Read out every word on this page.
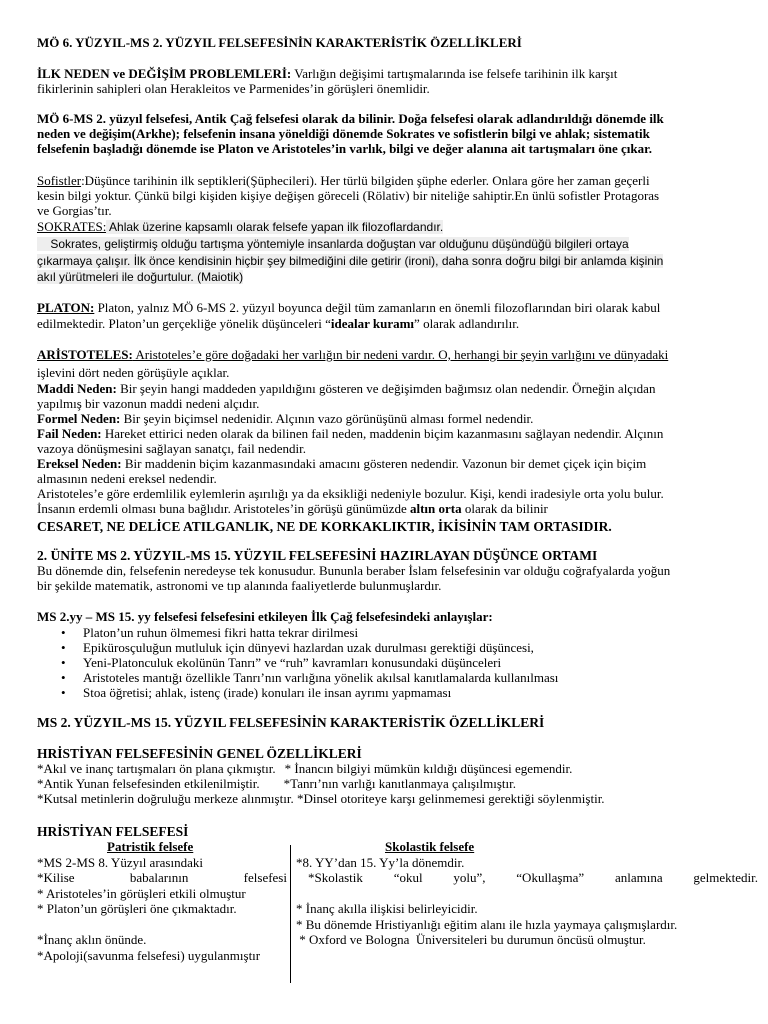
MÖ 6. YÜZYIL-MS 2. YÜZYIL FELSEFESİNİN KARAKTERİSTİK ÖZELLİKLERİ
İLK NEDEN ve DEĞİŞİM PROBLEMLERİ: Varlığın değişimi tartışmalarında ise felsefe tarihinin ilk karşıt
fikirlerinin sahipleri olan Herakleitos ve Parmenides’in görüşleri önemlidir.
MÖ 6-MS 2. yüzyıl felsefesi, Antik Çağ felsefesi olarak da bilinir. Doğa felsefesi olarak adlandırıldığı dönemde ilk
neden ve değişim(Arkhe); felsefenin insana yöneldiği dönemde Sokrates ve sofistlerin bilgi ve ahlak; sistematik
felsefenin başladığı dönemde ise Platon ve Aristoteles’in varlık, bilgi ve değer alanına ait tartışmaları öne çıkar.
Sofistler:Düşünce tarihinin ilk septikleri(Şüphecileri). Her türlü bilgiden şüphe ederler. Onlara göre her zaman geçerli
kesin bilgi yoktur. Çünkü bilgi kişiden kişiye değişen göreceli (Rölativ) bir niteliğe sahiptir.En ünlü sofistler Protagoras
ve Gorgias’tır.
SOKRATES: Ahlak üzerine kapsamlı olarak felsefe yapan ilk filozoflardandır.
Sokrates, geliştirmiş olduğu tartışma yöntemiyle insanlarda doğuştan var olduğunu düşündüğü bilgileri ortaya
çıkarmaya çalışır. İlk önce kendisinin hiçbir şey bilmediğini dile getirir (ironi), daha sonra doğru bilgi bir anlamda kişinin
akıl yürütmeleri ile doğurtulur. (Maiotik)
PLATON: Platon, yalnız MÖ 6-MS 2. yüzyıl boyunca değil tüm zamanların en önemli filozoflarından biri olarak kabul
edilmektedir. Platon’un gerçekliğe yönelik düşünceleri “idealar kuramı” olarak adlandırılır.
ARİSTOTELES: Aristoteles’e göre doğadaki her varlığın bir nedeni vardır. O, herhangi bir şeyin varlığını ve dünyadaki
işlevini dört neden görüşüyle açıklar.
Maddi Neden: Bir şeyin hangi maddeden yapıldığını gösteren ve değişimden bağımsız olan nedendir. Örneğin alçıdan
yapılmış bir vazonun maddi nedeni alçıdır.
Formel Neden: Bir şeyin biçimsel nedenidir. Alçının vazo görünüşünü alması formel nedendir.
Fail Neden: Hareket ettirici neden olarak da bilinen fail neden, maddenin biçim kazanmasını sağlayan nedendir. Alçının
vazoya dönüşmesini sağlayan sanatçı, fail nedendir.
Ereksel Neden: Bir maddenin biçim kazanmasındaki amacını gösteren nedendir. Vazonun bir demet çiçek için biçim
almasının nedeni ereksel nedendir.
Aristoteles’e göre erdemlilik eylemlerin aşırılığı ya da eksikliği nedeniyle bozulur. Kişi, kendi iradesiyle orta yolu bulur.
İnsanın erdemli olması buna bağlıdır. Aristoteles’in görüşü günümüzde altın orta olarak da bilinir
CESARET, NE DELİCE ATILGANLIK, NE DE KORKAKLIKTIR, İKİSİNİN TAM ORTASIDIR.
2. ÜNİTE MS 2. YÜZYIL-MS 15. YÜZYIL FELSEFESİNİ HAZIRLAYAN DÜŞÜNCE ORTAMI
Bu dönemde din, felsefenin neredeyse tek konusudur. Bununla beraber İslam felsefesinin var olduğu coğrafyalarda yoğun
bir şekilde matematik, astronomi ve tıp alanında faaliyetlerde bulunmuşlardır.
MS 2.yy – MS 15. yy felsefesi felsefesini etkileyen İlk Çağ felsefesindeki anlayışlar:
• Platon’un ruhun ölmemesi fikri hatta tekrar dirilmesi
• Epikürosçuluğun mutluluk için dünyevi hazlardan uzak durulması gerektiği düşüncesi,
• Yeni-Platonculuk ekolünün Tanrı” ve “ruh” kavramları konusundaki düşünceleri
• Aristoteles mantığı özellikle Tanrı’nın varlığına yönelik akılsal kanıtlamalarda kullanılması
• Stoa öğretisi; ahlak, istenç (irade) konuları ile insan ayrımı yapmaması
MS 2. YÜZYIL-MS 15. YÜZYIL FELSEFESİNİN KARAKTERİSTİK ÖZELLİKLERİ
HRİSTİYAN FELSEFESİNİN GENEL ÖZELLİKLERİ
*Akıl ve inanç tartışmaları ön plana çıkmıştır. * İnancın bilgiyi mümkün kıldığı düşüncesi egemendir.
*Antik Yunan felsefesinden etkilenilmiştir. *Tanrı’nın varlığı kanıtlanmaya çalışılmıştır.
*Kutsal metinlerin doğruluğu merkeze alınmıştır. *Dinsel otoriteye karşı gelinmemesi gerektiği söylenmiştir.
HRİSTİYAN FELSEFESİ
Patristik felsefe
*MS 2-MS 8. Yüzyıl arasındaki
*Kilise	babalarının	felsefesi
* Aristoteles’in görüşleri etkili olmuştur
* Platon’un görüşleri öne çıkmaktadır.
*İnanç aklın önünde.
*Apoloji(savunma felsefesi) uygulanmıştır
Skolastik felsefe
*8. YY’dan 15. Yy’la dönemdir.
*Skolastik “okul yolu”, “Okullaşma” anlamına gelmektedir.
* İnanç akılla ilişkisi belirleyicidir.
* Bu dönemde Hristiyanlığı eğitim alanı ile hızla yaymaya çalışmışlardır.
* Oxford ve Bologna  Üniversiteleri bu durumun öncüsü olmuştur.
